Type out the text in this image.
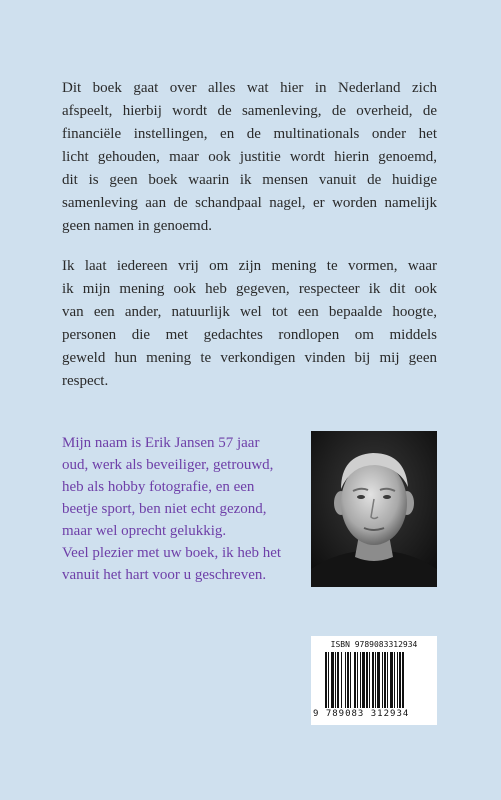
Dit boek gaat over alles wat hier in Nederland zich
afspeelt, hierbij wordt de samenleving, de overheid, de
financiële instellingen, en de multinationals onder het
licht gehouden, maar ook justitie wordt hierin genoemd,
dit is geen boek waarin ik mensen vanuit de huidige
samenleving aan de schandpaal nagel, er worden namelijk
geen namen in genoemd.

Ik laat iedereen vrij om zijn mening te vormen, waar
ik mijn mening ook heb gegeven, respecteer ik dit ook
van een ander, natuurlijk wel tot een bepaalde hoogte,
personen die met gedachtes rondlopen om middels
geweld hun mening te verkondigen vinden bij mij geen
respect.

Mijn naam is Erik Jansen 57 jaar
oud, werk als beveiliger, getrouwd,
heb als hobby fotografie, en een
beetje sport, ben niet echt gezond,
maar wel oprecht gelukkig.
Veel plezier met uw boek, ik heb het
vanuit het hart voor u geschreven.

ISBN 9789083312934
9 789083 312934
